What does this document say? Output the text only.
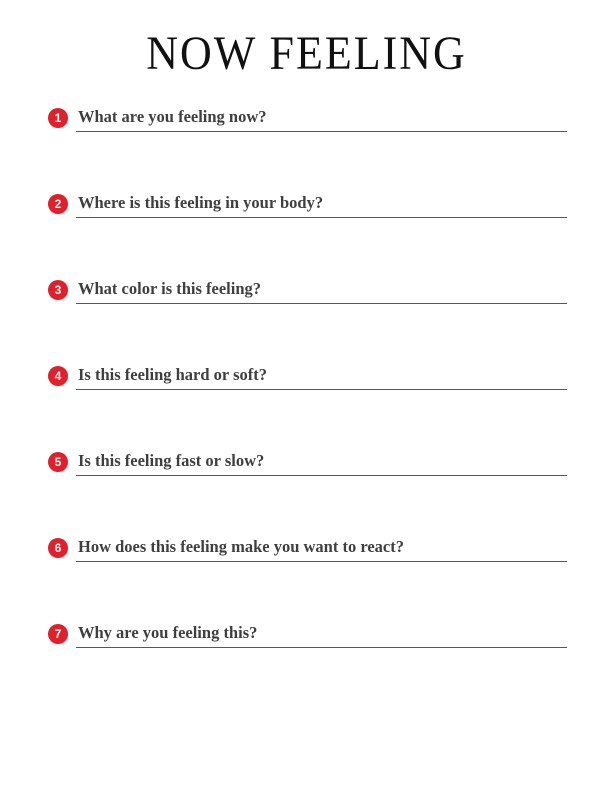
NOW FEELING
1	What are you feeling now?
2	Where is this feeling in your body?
3	What color is this feeling?
4	Is this feeling hard or soft?
5	Is this feeling fast or slow?
6	How does this feeling make you want to react?
7	Why are you feeling this?
